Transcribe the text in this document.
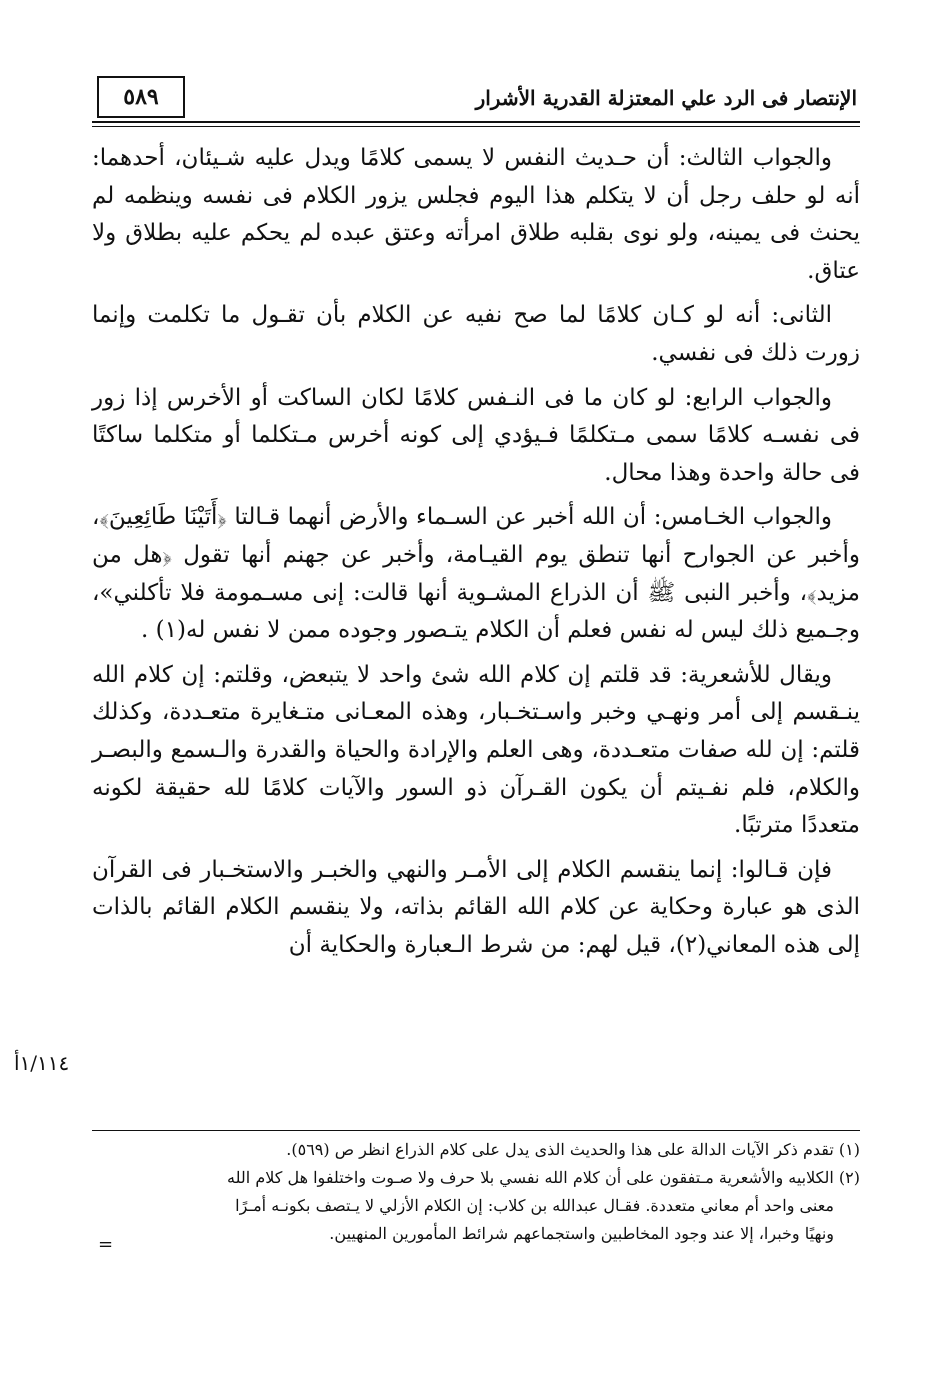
الإنتصار فى الرد علي المعتزلة القدرية الأشرار
٥٨٩

والجواب الثالث: أن حـديث النفس لا يسمى كلامًا ويدل عليه شـيئان، أحدهما: أنه لو حلف رجل أن لا يتكلم هذا اليوم فجلس يزور الكلام فى نفسه وينظمه لم يحنث فى يمينه، ولو نوى بقلبه طلاق امرأته وعتق عبده لم يحكم عليه بطلاق ولا عتاق.

الثانى: أنه لو كـان كلامًا لما صح نفيه عن الكلام بأن تقـول ما تكلمت وإنما زورت ذلك فى نفسي.

والجواب الرابع: لو كان ما فى النـفس كلامًا لكان الساكت أو الأخرس إذا زور فى نفسـه كلامًا سمى مـتكلمًا فـيؤدي إلى كونه أخرس مـتكلما أو متكلما ساكتًا فى حالة واحدة وهذا محال.

والجواب الخـامس: أن الله أخبر عن السـماء والأرض أنهما قـالتا ﴿أَتَيْنَا طَائِعِينَ﴾، وأخبر عن الجوارح أنها تنطق يوم القيـامة، وأخبر عن جهنم أنها تقول ﴿هل من مزيد﴾، وأخبر النبى ﷺ أن الذراع المشـوية أنها قالت: إنى مسـمومة فلا تأكلني»، وجـميع ذلك ليس له نفس فعلم أن الكلام يتـصور وجوده ممن لا نفس له(١) .

ويقال للأشعرية: قد قلتم إن كلام الله شئ واحد لا يتبعض، وقلتم: إن كلام الله ينـقسم إلى أمر ونهـي وخبر واسـتخـبار، وهذه المعـانى متـغايرة متعـددة، وكذلك قلتم: إن لله صفات متعـددة، وهى العلم والإرادة والحياة والقدرة والـسمع والبصـر والكلام، فلم نفـيتم أن يكون القـرآن ذو السور والآيات كلامًا لله حقيقة لكونه متعددًا مترتبًا.

فإن قـالوا: إنما ينقسم الكلام إلى الأمـر والنهي والخبـر والاستخـبار فى القرآن الذى هو عبارة وحكاية عن كلام الله القائم بذاته، ولا ينقسم الكلام القائم بالذات إلى هذه المعاني(٢)، قيل لهم: من شرط الـعبارة والحكاية أن

١/١١٤أ

(١) تقدم ذكر الآيات الدالة على هذا والحديث الذى يدل على كلام الذراع انظر ص (٥٦٩).

(٢) الكلابيه والأشعرية مـتفقون على أن كلام الله نفسي بلا حرف ولا صـوت واختلفوا هل كلام الله

معنى واحد أم معاني متعددة. فقـال عبدالله بن كلاب: إن الكلام الأزلي لا يـتصف بكونـه أمـرًا

ونهيًا وخبرا، إلا عند وجود المخاطبين واستجماعهم شرائط المأمورين المنهيين.

=
